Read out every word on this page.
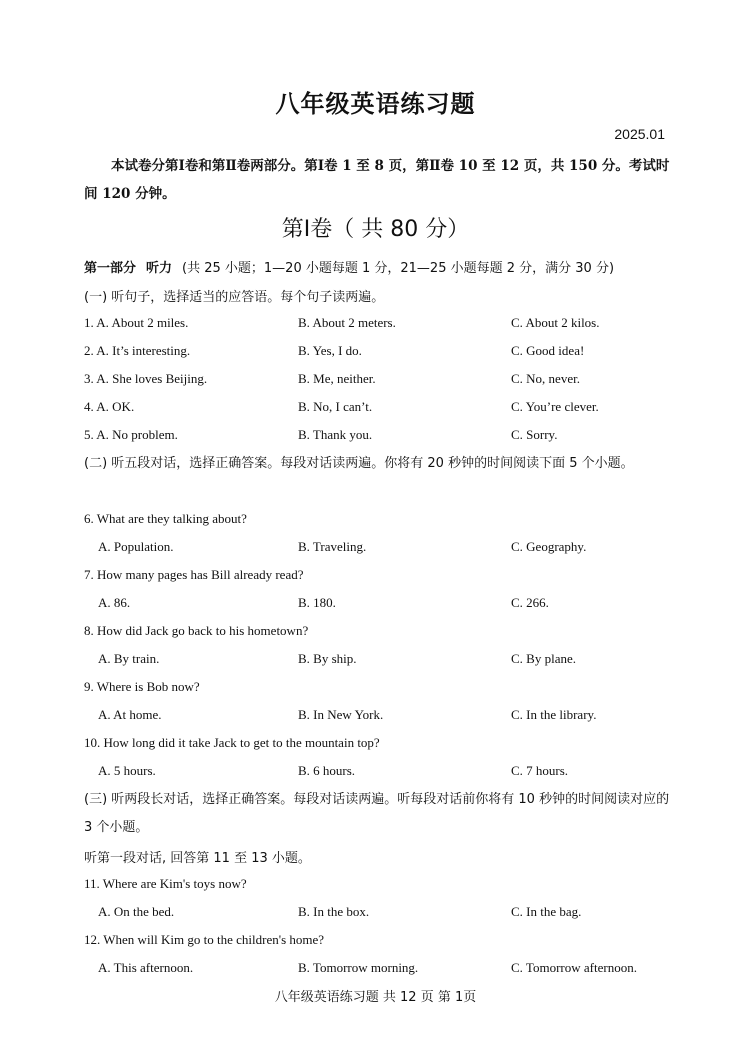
八年级英语练习题
2025.01
本试卷分第Ⅰ卷和第Ⅱ卷两部分。第Ⅰ卷 1 至 8 页，第Ⅱ卷 10 至 12 页，共 150 分。考试时间 120 分钟。
第Ⅰ卷（ 共 80 分）
第一部分 听力 (共 25 小题；1—20 小题每题 1 分，21—25 小题每题 2 分，满分 30 分)
(一) 听句子，选择适当的应答语。每个句子读两遍。
1. A. About 2 miles.	B. About 2 meters.	C. About 2 kilos.
2. A. It’s interesting.	B. Yes, I do.	C. Good idea!
3. A. She loves Beijing.	B. Me, neither.	C. No, never.
4. A. OK.	B. No, I can’t.	C. You’re clever.
5. A. No problem.	B. Thank you.	C. Sorry.
(二) 听五段对话，选择正确答案。每段对话读两遍。你将有 20 秒钟的时间阅读下面 5 个小题。
6. What are they talking about?
A. Population.	B. Traveling.	C. Geography.
7. How many pages has Bill already read?
A. 86.	B. 180.	C. 266.
8. How did Jack go back to his hometown?
A. By train.	B. By ship.	C. By plane.
9. Where is Bob now?
A. At home.	B. In New York.	C. In the library.
10. How long did it take Jack to get to the mountain top?
A. 5 hours.	B. 6 hours.	C. 7 hours.
(三) 听两段长对话，选择正确答案。每段对话读两遍。听每段对话前你将有 10 秒钟的时间阅读对应的 3 个小题。
听第一段对话, 回答第 11 至 13 小题。
11. Where are Kim's toys now?
A. On the bed.	B. In the box.	C. In the bag.
12. When will Kim go to the children's home?
A. This afternoon.	B. Tomorrow morning.	C. Tomorrow afternoon.
八年级英语练习题 共 12 页 第 1页
